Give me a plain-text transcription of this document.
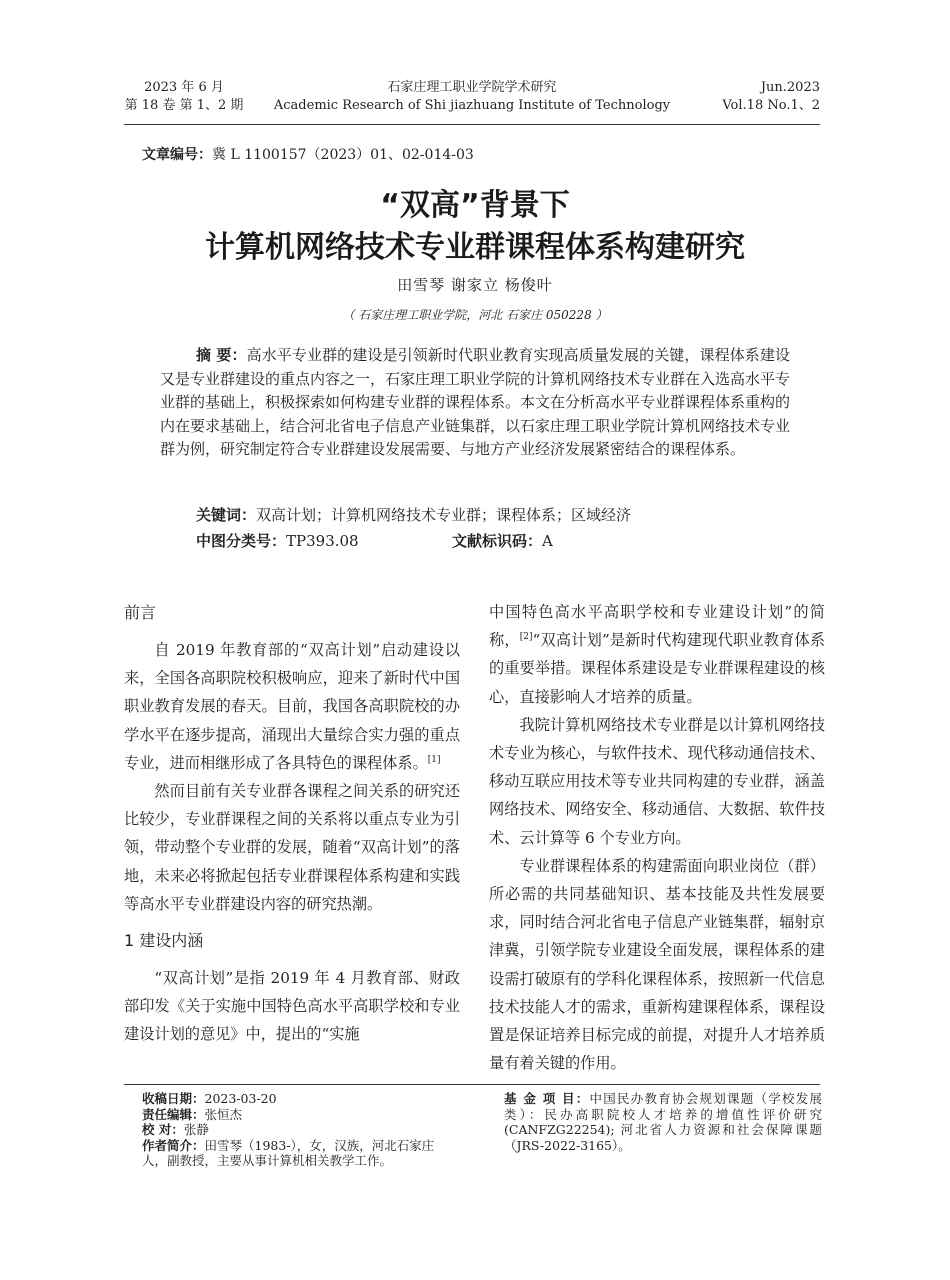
2023 年 6 月
第 18 卷 第 1、2 期
石家庄理工职业学院学术研究
Academic Research of Shi jiazhuang Institute of Technology
Jun.2023
Vol.18 No.1、2
文章编号：冀 L 1100157（2023）01、02-014-03
“双高”背景下
计算机网络技术专业群课程体系构建研究
田雪琴 谢家立 杨俊叶
（ 石家庄理工职业学院，河北 石家庄 050228 ）
摘 要：高水平专业群的建设是引领新时代职业教育实现高质量发展的关键，课程体系建设又是专业群建设的重点内容之一，石家庄理工职业学院的计算机网络技术专业群在入选高水平专业群的基础上，积极探索如何构建专业群的课程体系。本文在分析高水平专业群课程体系重构的内在要求基础上，结合河北省电子信息产业链集群，以石家庄理工职业学院计算机网络技术专业群为例，研究制定符合专业群建设发展需要、与地方产业经济发展紧密结合的课程体系。
关键词：双高计划；计算机网络技术专业群；课程体系；区域经济
中图分类号：TP393.08	文献标识码：A
前言

自 2019 年教育部的“双高计划”启动建设以来，全国各高职院校积极响应，迎来了新时代中国职业教育发展的春天。目前，我国各高职院校的办学水平在逐步提高，涌现出大量综合实力强的重点专业，进而相继形成了各具特色的课程体系。[1]

然而目前有关专业群各课程之间关系的研究还比较少，专业群课程之间的关系将以重点专业为引领，带动整个专业群的发展，随着“双高计划”的落地，未来必将掀起包括专业群课程体系构建和实践等高水平专业群建设内容的研究热潮。

1 建设内涵

“双高计划”是指 2019 年 4 月教育部、财政部印发《关于实施中国特色高水平高职学校和专业建设计划的意见》中，提出的“实施

中国特色高水平高职学校和专业建设计划”的简称，[2]“双高计划”是新时代构建现代职业教育体系的重要举措。课程体系建设是专业群课程建设的核心，直接影响人才培养的质量。

我院计算机网络技术专业群是以计算机网络技术专业为核心，与软件技术、现代移动通信技术、移动互联应用技术等专业共同构建的专业群，涵盖网络技术、网络安全、移动通信、大数据、软件技术、云计算等 6 个专业方向。

专业群课程体系的构建需面向职业岗位（群）所必需的共同基础知识、基本技能及共性发展要求，同时结合河北省电子信息产业链集群，辐射京津冀，引领学院专业建设全面发展，课程体系的建设需打破原有的学科化课程体系，按照新一代信息技术技能人才的需求，重新构建课程体系，课程设置是保证培养目标完成的前提，对提升人才培养质量有着关键的作用。

收稿日期：2023-03-20
责任编辑：张恒杰
校 对：张静
作者简介：田雪琴（1983-），女，汉族，河北石家庄人，副教授，主要从事计算机相关教学工作。
基 金 项 目：中国民办教育协会规划课题（学校发展类）：民办高职院校人才培养的增值性评价研究 (CANFZG22254); 河北省人力资源和社会保障课题（JRS-2022-3165）。
